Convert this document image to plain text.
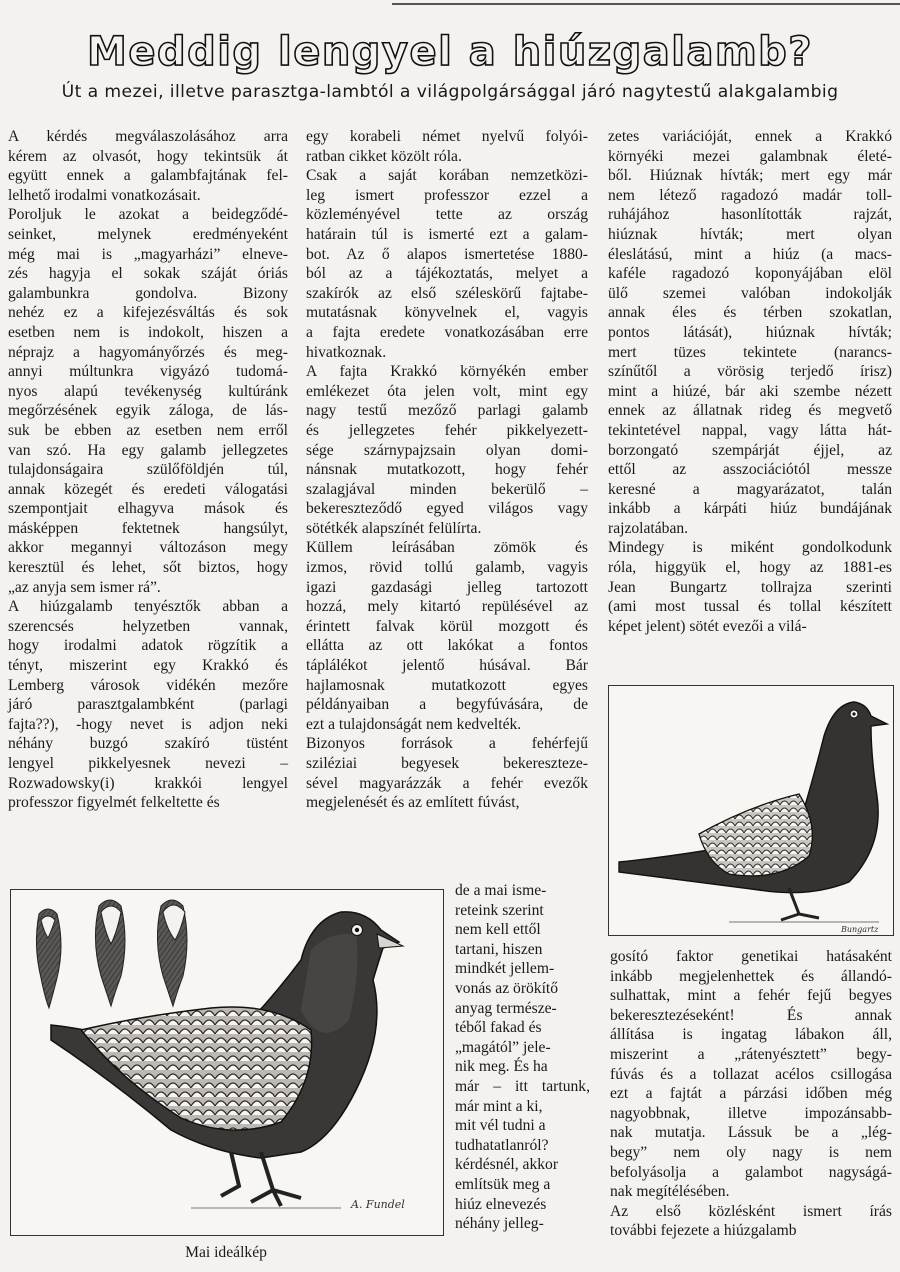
Meddig lengyel a hiúzgalamb?
Út a mezei, illetve parasztga-lambtól a világpolgársággal járó nagytestű alakgalambig

A kérdés megválaszolásához arra

kérem az olvasót, hogy tekintsük át

együtt ennek a galambfajtának fel-

lelhető irodalmi vonatkozásait.

Poroljuk le azokat a beidegződé-

seinket, melynek eredményeként

még mai is „magyarházi” elneve-

zés hagyja el sokak száját óriás

galambunkra gondolva. Bizony

nehéz ez a kifejezésváltás és sok

esetben nem is indokolt, hiszen a

néprajz a hagyományőrzés és meg-

annyi múltunkra vigyázó tudomá-

nyos alapú tevékenység kultúránk

megőrzésének egyik záloga, de lás-

suk be ebben az esetben nem erről

van szó. Ha egy galamb jellegzetes

tulajdonságaira szülőföldjén túl,

annak közegét és eredeti válogatási

szempontjait elhagyva mások és

másképpen fektetnek hangsúlyt,

akkor megannyi változáson megy

keresztül és lehet, sőt biztos, hogy

„az anyja sem ismer rá”.

A hiúzgalamb tenyésztők abban a

szerencsés helyzetben vannak,

hogy irodalmi adatok rögzítik a

tényt, miszerint egy Krakkó és

Lemberg városok vidékén mezőre

járó parasztgalambként (parlagi

fajta??), -hogy nevet is adjon neki

néhány buzgó szakíró tüstént

lengyel pikkelyesnek nevezi –

Rozwadowsky(i) krakkói lengyel

professzor figyelmét felkeltette és

egy korabeli német nyelvű folyói-

ratban cikket közölt róla.

Csak a saját korában nemzetközi-

leg ismert professzor ezzel a

közleményével tette az ország

határain túl is ismerté ezt a galam-

bot. Az ő alapos ismertetése 1880-

ból az a tájékoztatás, melyet a

szakírók az első széleskörű fajtabe-

mutatásnak könyvelnek el, vagyis

a fajta eredete vonatkozásában erre

hivatkoznak.

A fajta Krakkó környékén ember

emlékezet óta jelen volt, mint egy

nagy testű mezőző parlagi galamb

és jellegzetes fehér pikkelyezett-

sége szárnypajzsain olyan domi-

nánsnak mutatkozott, hogy fehér

szalagjával minden bekerülő –

bekereszteződő egyed világos vagy

sötétkék alapszínét felülírta.

Küllem leírásában zömök és

izmos, rövid tollú galamb, vagyis

igazi gazdasági jelleg tartozott

hozzá, mely kitartó repülésével az

érintett falvak körül mozgott és

ellátta az ott lakókat a fontos

táplálékot jelentő húsával. Bár

hajlamosnak mutatkozott egyes

példányaiban a begyfúvására, de

ezt a tulajdonságát nem kedvelték.

Bizonyos források a fehérfejű

sziléziai begyesek bekereszteze-

sével magyarázzák a fehér evezők

megjelenését és az említett fúvást,

de a mai isme-

reteink szerint

nem kell ettől

tartani, hiszen

mindkét jellem-

vonás az örökítő

anyag természe-

téből fakad és

„magától” jele-

nik meg. És ha

már – itt tartunk,

már mint a ki,

mit vél tudni a

tudhatatlanról?

kérdésnél, akkor

említsük meg a

hiúz elnevezés

néhány jelleg-

zetes variációját, ennek a Krakkó

környéki mezei galambnak életé-

ből. Hiúznak hívták; mert egy már

nem létező ragadozó madár toll-

ruhájához hasonlították rajzát,

hiúznak hívták; mert olyan

éleslátású, mint a hiúz (a macs-

kaféle ragadozó koponyájában elöl

ülő szemei valóban indokolják

annak éles és térben szokatlan,

pontos látását), hiúznak hívták;

mert tüzes tekintete (narancs-

színűtől a vörösig terjedő írisz)

mint a hiúzé, bár aki szembe nézett

ennek az állatnak rideg és megvető

tekintetével nappal, vagy látta hát-

borzongató szempárját éjjel, az

ettől az asszociációtól messze

keresné a magyarázatot, talán

inkább a kárpáti hiúz bundájának

rajzolatában.

Mindegy is miként gondolkodunk

róla, higgyük el, hogy az 1881-es

Jean Bungartz tollrajza szerinti

(ami most tussal és tollal készített

képet jelent) sötét evezői a vilá-

gosító faktor genetikai hatásaként

inkább megjelenhettek és állandó-

sulhattak, mint a fehér fejű begyes

bekeresztezéseként! És annak

állítása is ingatag lábakon áll,

miszerint a „rátenyésztett” begy-

fúvás és a tollazat acélos csillogása

ezt a fajtát a párzási időben még

nagyobbnak, illetve impozánsabb-

nak mutatja. Lássuk be a „lég-

begy” nem oly nagy is nem

befolyásolja a galambot nagyságá-

nak megítélésében.

Az első közlésként ismert írás

további fejezete a hiúzgalamb

A. Fundel
Mai ideálkép
Bungartz
